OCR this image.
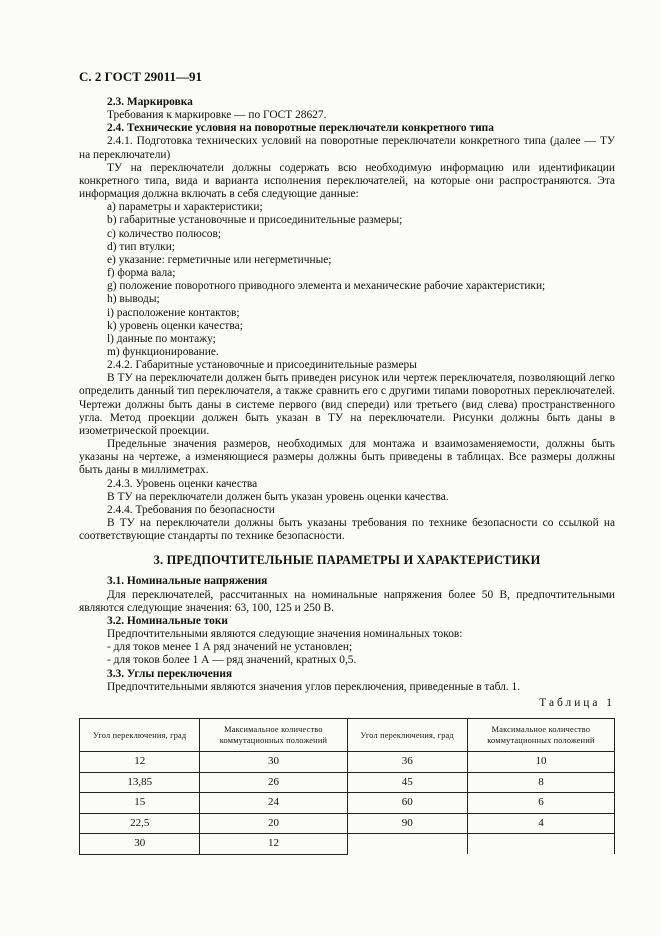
С. 2 ГОСТ 29011—91

2.3. Маркировка

Требования к маркировке — по ГОСТ 28627.

2.4. Технические условия на поворотные переключатели конкретного типа

2.4.1. Подготовка технических условий на поворотные переключатели конкретного типа (далее — ТУ на переключатели)

ТУ на переключатели должны содержать всю необходимую информацию или идентификации конкретного типа, вида и варианта исполнения переключателей, на которые они распространяются. Эта информация должна включать в себя следующие данные:

a) параметры и характеристики;

b) габаритные установочные и присоединительные размеры;

c) количество полюсов;

d) тип втулки;

e) указание: герметичные или негерметичные;

f) форма вала;

g) положение поворотного приводного элемента и механические рабочие характеристики;

h) выводы;

i) расположение контактов;

k) уровень оценки качества;

l) данные по монтажу;

m) функционирование.

2.4.2. Габаритные установочные и присоединительные размеры

В ТУ на переключатели должен быть приведен рисунок или чертеж переключателя, позволяющий легко определить данный тип переключателя, а также сравнить его с другими типами поворотных переключателей. Чертежи должны быть даны в системе первого (вид спереди) или третьего (вид слева) пространственного угла. Метод проекции должен быть указан в ТУ на переключатели. Рисунки должны быть даны в изометрической проекции.

Предельные значения размеров, необходимых для монтажа и взаимозаменяемости, должны быть указаны на чертеже, а изменяющиеся размеры должны быть приведены в таблицах. Все размеры должны быть даны в миллиметрах.

2.4.3. Уровень оценки качества

В ТУ на переключатели должен быть указан уровень оценки качества.

2.4.4. Требования по безопасности

В ТУ на переключатели должны быть указаны требования по технике безопасности со ссылкой на соответствующие стандарты по технике безопасности.

3. ПРЕДПОЧТИТЕЛЬНЫЕ ПАРАМЕТРЫ И ХАРАКТЕРИСТИКИ

3.1. Номинальные напряжения

Для переключателей, рассчитанных на номинальные напряжения более 50 В, предпочтительными являются следующие значения: 63, 100, 125 и 250 В.

3.2. Номинальные токи

Предпочтительными являются следующие значения номинальных токов:

- для токов менее 1 А ряд значений не установлен;

- для токов более 1 А — ряд значений, кратных 0,5.

3.3. Углы переключения

Предпочтительными являются значения углов переключения, приведенные в табл. 1.

Таблица 1
Угол переключения, град	Максимальное количество коммутационных положений	Угол переключения, град	Максимальное количество коммутационных положений
12	30	36	10
13,85	26	45	8
15	24	60	6
22,5	20	90	4
30	12		
